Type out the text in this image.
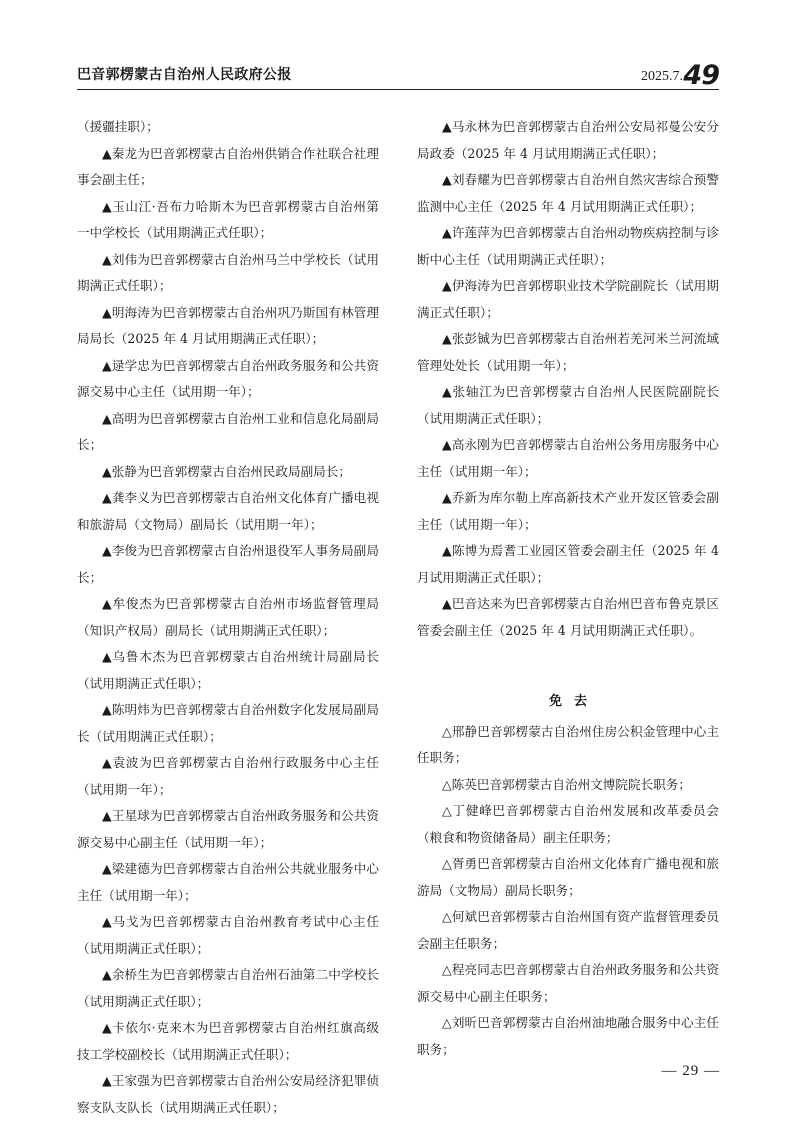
巴音郭楞蒙古自治州人民政府公报	2025.7. 49

（援疆挂职）；

▲秦龙为巴音郭楞蒙古自治州供销合作社联合社理事会副主任；

▲玉山江·吾布力哈斯木为巴音郭楞蒙古自治州第一中学校长（试用期满正式任职）；

▲刘伟为巴音郭楞蒙古自治州马兰中学校长（试用期满正式任职）；

▲明海涛为巴音郭楞蒙古自治州巩乃斯国有林管理局局长（2025 年 4 月试用期满正式任职）；

▲逯学忠为巴音郭楞蒙古自治州政务服务和公共资源交易中心主任（试用期一年）；

▲高明为巴音郭楞蒙古自治州工业和信息化局副局长；

▲张静为巴音郭楞蒙古自治州民政局副局长；

▲龚李义为巴音郭楞蒙古自治州文化体育广播电视和旅游局（文物局）副局长（试用期一年）；

▲李俊为巴音郭楞蒙古自治州退役军人事务局副局长；

▲牟俊杰为巴音郭楞蒙古自治州市场监督管理局（知识产权局）副局长（试用期满正式任职）；

▲乌鲁木杰为巴音郭楞蒙古自治州统计局副局长（试用期满正式任职）；

▲陈明炜为巴音郭楞蒙古自治州数字化发展局副局长（试用期满正式任职）；

▲袁波为巴音郭楞蒙古自治州行政服务中心主任（试用期一年）；

▲王星球为巴音郭楞蒙古自治州政务服务和公共资源交易中心副主任（试用期一年）；

▲梁建德为巴音郭楞蒙古自治州公共就业服务中心主任（试用期一年）；

▲马戈为巴音郭楞蒙古自治州教育考试中心主任（试用期满正式任职）；

▲余桥生为巴音郭楞蒙古自治州石油第二中学校长（试用期满正式任职）；

▲卡依尔·克来木为巴音郭楞蒙古自治州红旗高级技工学校副校长（试用期满正式任职）；

▲王家强为巴音郭楞蒙古自治州公安局经济犯罪侦察支队支队长（试用期满正式任职）；

▲马永林为巴音郭楞蒙古自治州公安局祁曼公安分局政委（2025 年 4 月试用期满正式任职）；

▲刘春耀为巴音郭楞蒙古自治州自然灾害综合预警监测中心主任（2025 年 4 月试用期满正式任职）；

▲许莲萍为巴音郭楞蒙古自治州动物疾病控制与诊断中心主任（试用期满正式任职）；

▲伊海涛为巴音郭楞职业技术学院副院长（试用期满正式任职）；

▲张彭铖为巴音郭楞蒙古自治州若羌河米兰河流域管理处处长（试用期一年）；

▲张轴江为巴音郭楞蒙古自治州人民医院副院长（试用期满正式任职）；

▲高永刚为巴音郭楞蒙古自治州公务用房服务中心主任（试用期一年）；

▲乔新为库尔勒上库高新技术产业开发区管委会副主任（试用期一年）；

▲陈博为焉耆工业园区管委会副主任（2025 年 4 月试用期满正式任职）；

▲巴音达来为巴音郭楞蒙古自治州巴音布鲁克景区管委会副主任（2025 年 4 月试用期满正式任职）。

免去

△邢静巴音郭楞蒙古自治州住房公积金管理中心主任职务；

△陈英巴音郭楞蒙古自治州文博院院长职务；

△丁健峰巴音郭楞蒙古自治州发展和改革委员会（粮食和物资储备局）副主任职务；

△胥勇巴音郭楞蒙古自治州文化体育广播电视和旅游局（文物局）副局长职务；

△何斌巴音郭楞蒙古自治州国有资产监督管理委员会副主任职务；

△程亮同志巴音郭楞蒙古自治州政务服务和公共资源交易中心副主任职务；

△刘昕巴音郭楞蒙古自治州油地融合服务中心主任职务；

— 29 —
